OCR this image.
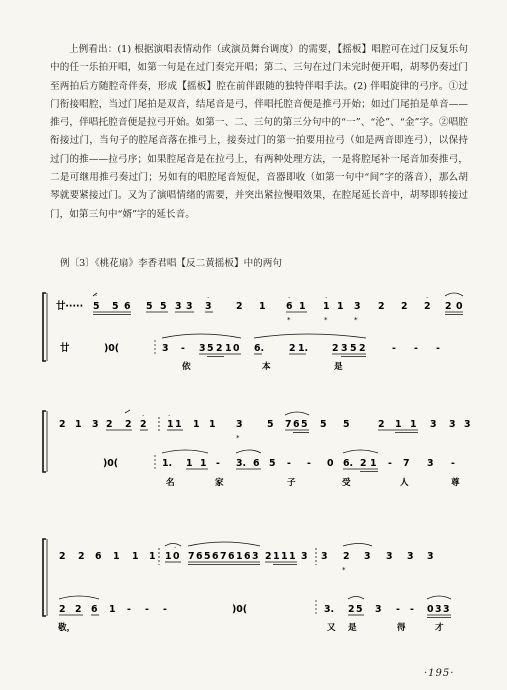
上例看出：(1) 根据演唱表情动作（或演员舞台调度）的需要，【摇板】唱腔可在过门反复乐句中的任一乐拍开唱，如第一句是在过门奏完开唱；第二、三句在过门未完时便开唱，胡琴仍奏过门至两拍后方随腔奇伴奏，形成【摇板】腔在前伴跟随的独特伴唱手法。(2) 伴唱旋律的弓序。①过门衔接唱腔，当过门尾拍是双音，结尾音是弓，伴唱托腔音便是推弓开始；如过门尾拍是单音——推弓，伴唱托腔音便是拉弓开始。如第一、二、三句的第三分句中的“一”、“沦”、“金”字。②唱腔衔接过门，当句子的腔尾音落在推弓上，接奏过门的第一拍要用拉弓（如是两音即连弓），以保持过门的推——拉弓序；如果腔尾音是在拉弓上，有两种处理方法，一是将腔尾补一尾音加奏推弓，二是可继用推弓奏过门；另如有的唱腔尾音短促，音器即收（如第一句中“间”字的落音），那么胡琴就要紧接过门。又为了演唱情绪的需要，并突出紧拉慢唱效果，在腔尾延长音中，胡琴即转接过门，如第三句中“婿”字的延长音。

例〔3〕《桃花扇》李香君唱【反二黄摇板】中的两句
廿····· 5 5 6 5 5 3 3 3	2 1 6 1 1 1 3 2 2 2 2 0
.	·	·	·	·
*	*	*
廿	)0(	3 - 3 5 2 1 0 6.	2 1.	2 3 5 2	- - -
依	本	是
2 1 3 2 2 2 1 1 1 1 3	5 7 6 5 5 5	2 1 1 3 3 3
·
·
*
)0(	1. 1 1 - 3. 6 5 - - 0 6. 2 1 - 7 3 -
名	家	子	受	人	尊
2 2 6 1 1 1 1 0 7 6 5 6 7 6 1 6 3 2 1 1 1 3 3 2 3 3 3 3
·
*
2 2 6 1 - - -	3. 2 5 3 - - 0 3 3
)0(
·
敬，	又 是	得	才
·195·
